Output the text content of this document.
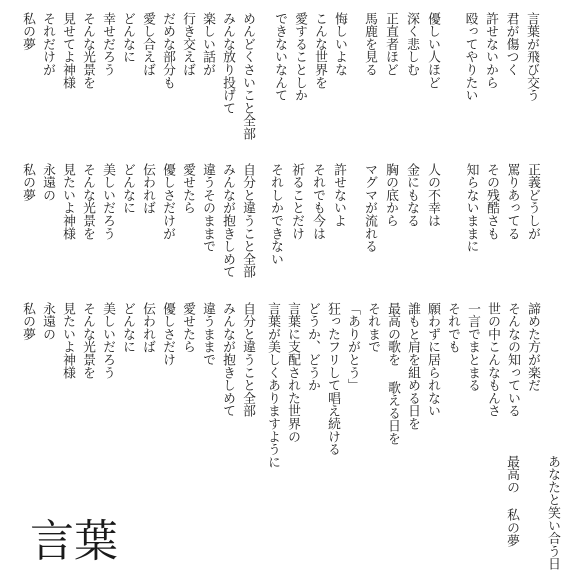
言葉が飛び交う
君が傷つく
許せないから
殴ってやりたい
優しい人ほど
深く悲しむ
正直者ほど
馬鹿を見る
悔しいよな
こんな世界を
愛することしか
できないなんて
めんどくさいこと全部
みんな放り投げて
楽しい話が
行き交えば
だめな部分も
愛し合えば
どんなに
幸せだろう
そんな光景を
見せてよ神様
それだけが
私の夢
正義どうしが
罵りあってる
その残酷さも
知らないままに
人の不幸は
金にもなる
胸の底から
マグマが流れる
許せないよ
それでも今は
祈ることだけ
それしかできない
自分と違うこと全部
みんなが抱きしめて
違うそのままで
愛せたら
優しさだけが
伝われば
どんなに
美しいだろう
そんな光景を
見たいよ神様
永遠の
私の夢
諦めた方が楽だ
そんなの知っている
世の中こんなもんさ
一言でまとまる
それでも
願わずに居られない
誰もと肩を組める日を
最高の歌を 歌える日を
それまで
「ありがとう」
狂ったフリして唱え続ける
どうか、どうか
言葉に支配された世界の
言葉が美しくありますように
自分と違うこと全部
みんなが抱きしめて
違うままで
愛せたら
優しさだけ
伝われば
どんなに
美しいだろう
そんな光景を
見たいよ神様
永遠の
私の夢
あなたと笑い合う日
最高の 私の夢
言葉
